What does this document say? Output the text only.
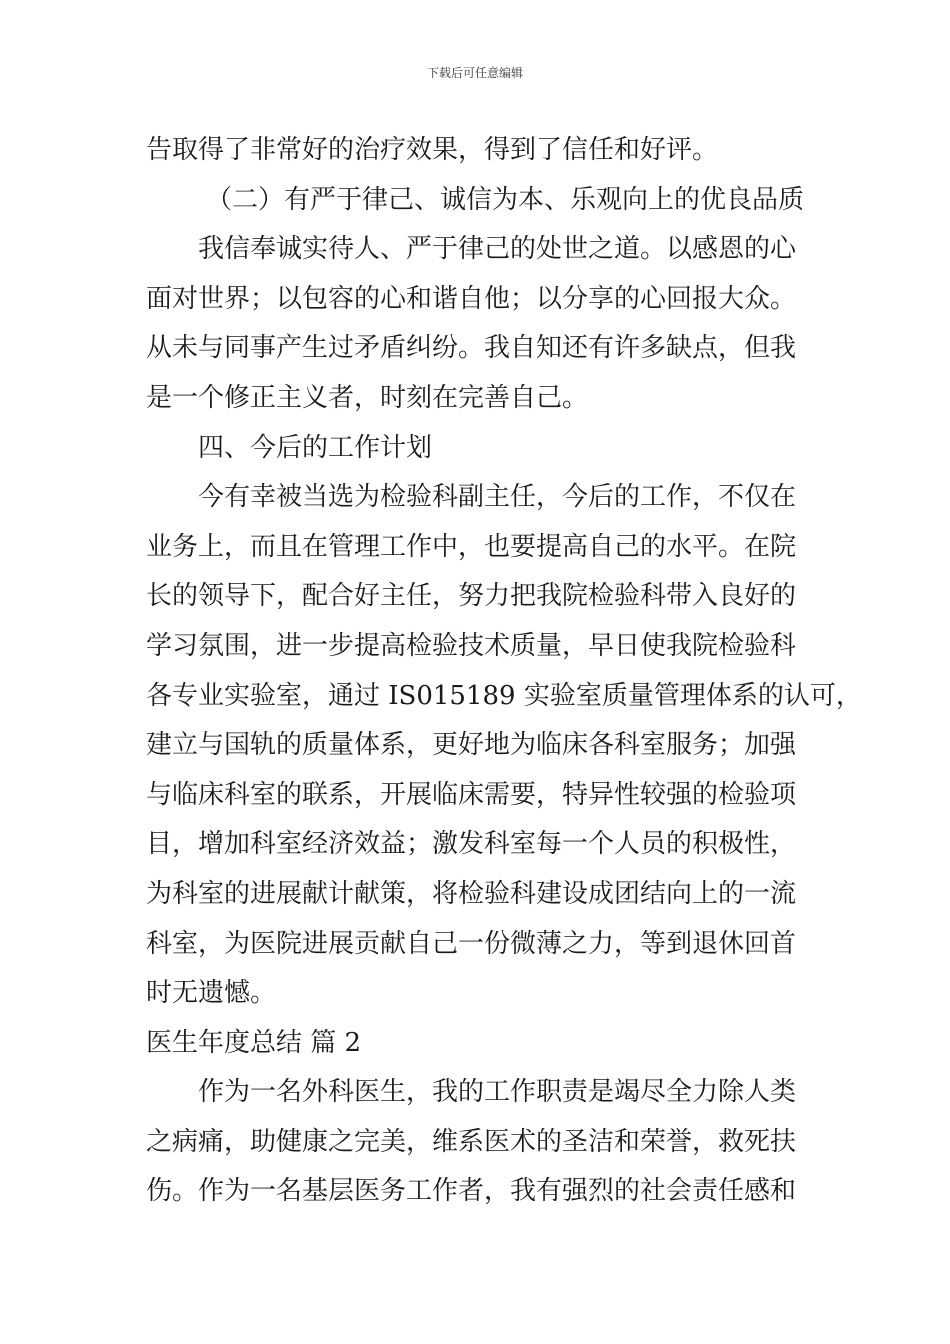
下载后可任意编辑
告取得了非常好的治疗效果，得到了信任和好评。
（二）有严于律己、诚信为本、乐观向上的优良品质
我信奉诚实待人、严于律己的处世之道。以感恩的心
面对世界；以包容的心和谐自他；以分享的心回报大众。
从未与同事产生过矛盾纠纷。我自知还有许多缺点，但我
是一个修正主义者，时刻在完善自己。
四、今后的工作计划
今有幸被当选为检验科副主任，今后的工作，不仅在
业务上，而且在管理工作中，也要提高自己的水平。在院
长的领导下，配合好主任，努力把我院检验科带入良好的
学习氛围，进一步提高检验技术质量，早日使我院检验科
各专业实验室，通过 IS015189 实验室质量管理体系的认可，
建立与国轨的质量体系，更好地为临床各科室服务；加强
与临床科室的联系，开展临床需要，特异性较强的检验项
目，增加科室经济效益；激发科室每一个人员的积极性，
为科室的进展献计献策，将检验科建设成团结向上的一流
科室，为医院进展贡献自己一份微薄之力，等到退休回首
时无遗憾。
医生年度总结 篇 2
作为一名外科医生，我的工作职责是竭尽全力除人类
之病痛，助健康之完美，维系医术的圣洁和荣誉，救死扶
伤。作为一名基层医务工作者，我有强烈的社会责任感和
